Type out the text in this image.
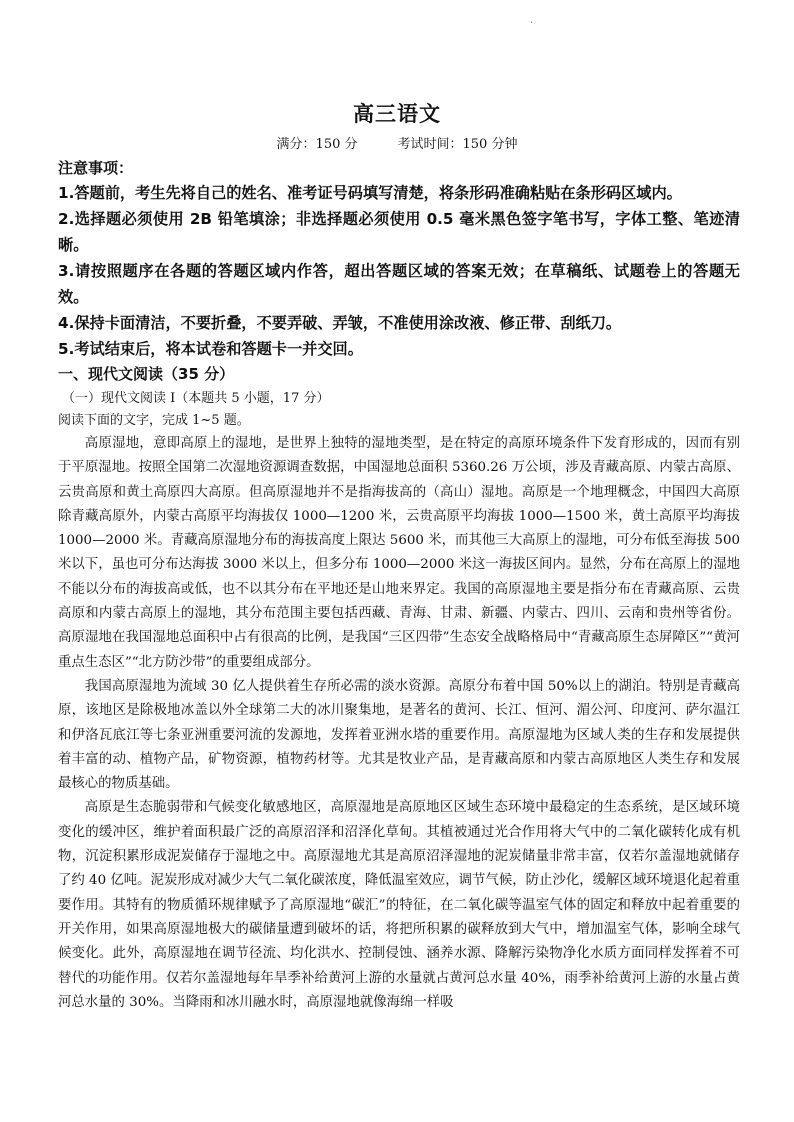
·
高三语文
满分：150 分	考试时间：150 分钟

注意事项：

1.答题前，考生先将自己的姓名、准考证号码填写清楚，将条形码准确粘贴在条形码区域内。

2.选择题必须使用 2B 铅笔填涂；非选择题必须使用 0.5 毫米黑色签字笔书写，字体工整、笔迹清晰。

3.请按照题序在各题的答题区域内作答，超出答题区域的答案无效；在草稿纸、试题卷上的答题无效。

4.保持卡面清洁，不要折叠，不要弄破、弄皱，不准使用涂改液、修正带、刮纸刀。

5.考试结束后，将本试卷和答题卡一并交回。

一、现代文阅读（35 分）

（一）现代文阅读 I（本题共 5 小题，17 分）

阅读下面的文字，完成 1~5 题。

高原湿地，意即高原上的湿地，是世界上独特的湿地类型，是在特定的高原环境条件下发育形成的，因而有别于平原湿地。按照全国第二次湿地资源调查数据，中国湿地总面积 5360.26 万公顷，涉及青藏高原、内蒙古高原、云贵高原和黄土高原四大高原。但高原湿地并不是指海拔高的（高山）湿地。高原是一个地理概念，中国四大高原除青藏高原外，内蒙古高原平均海拔仅 1000—1200 米，云贵高原平均海拔 1000—1500 米，黄土高原平均海拔 1000—2000 米。青藏高原湿地分布的海拔高度上限达 5600 米，而其他三大高原上的湿地，可分布低至海拔 500 米以下，虽也可分布达海拔 3000 米以上，但多分布 1000—2000 米这一海拔区间内。显然，分布在高原上的湿地不能以分布的海拔高或低，也不以其分布在平地还是山地来界定。我国的高原湿地主要是指分布在青藏高原、云贵高原和内蒙古高原上的湿地，其分布范围主要包括西藏、青海、甘肃、新疆、内蒙古、四川、云南和贵州等省份。高原湿地在我国湿地总面积中占有很高的比例，是我国“三区四带”生态安全战略格局中“青藏高原生态屏障区”“黄河重点生态区”“北方防沙带”的重要组成部分。

我国高原湿地为流域 30 亿人提供着生存所必需的淡水资源。高原分布着中国 50%以上的湖泊。特别是青藏高原，该地区是除极地冰盖以外全球第二大的冰川聚集地，是著名的黄河、长江、恒河、湄公河、印度河、萨尔温江和伊洛瓦底江等七条亚洲重要河流的发源地，发挥着亚洲水塔的重要作用。高原湿地为区域人类的生存和发展提供着丰富的动、植物产品，矿物资源，植物药材等。尤其是牧业产品，是青藏高原和内蒙古高原地区人类生存和发展最核心的物质基础。

高原是生态脆弱带和气候变化敏感地区，高原湿地是高原地区区域生态环境中最稳定的生态系统，是区域环境变化的缓冲区，维护着面积最广泛的高原沼泽和沼泽化草甸。其植被通过光合作用将大气中的二氧化碳转化成有机物，沉淀积累形成泥炭储存于湿地之中。高原湿地尤其是高原沼泽湿地的泥炭储量非常丰富，仅若尔盖湿地就储存了约 40 亿吨。泥炭形成对减少大气二氧化碳浓度，降低温室效应，调节气候，防止沙化，缓解区域环境退化起着重要作用。其特有的物质循环规律赋予了高原湿地“碳汇”的特征，在二氧化碳等温室气体的固定和释放中起着重要的开关作用，如果高原湿地极大的碳储量遭到破坏的话，将把所积累的碳释放到大气中，增加温室气体，影响全球气候变化。此外，高原湿地在调节径流、均化洪水、控制侵蚀、涵养水源、降解污染物净化水质方面同样发挥着不可替代的功能作用。仅若尔盖湿地每年旱季补给黄河上游的水量就占黄河总水量 40%，雨季补给黄河上游的水量占黄河总水量的 30%。当降雨和冰川融水时，高原湿地就像海绵一样吸
